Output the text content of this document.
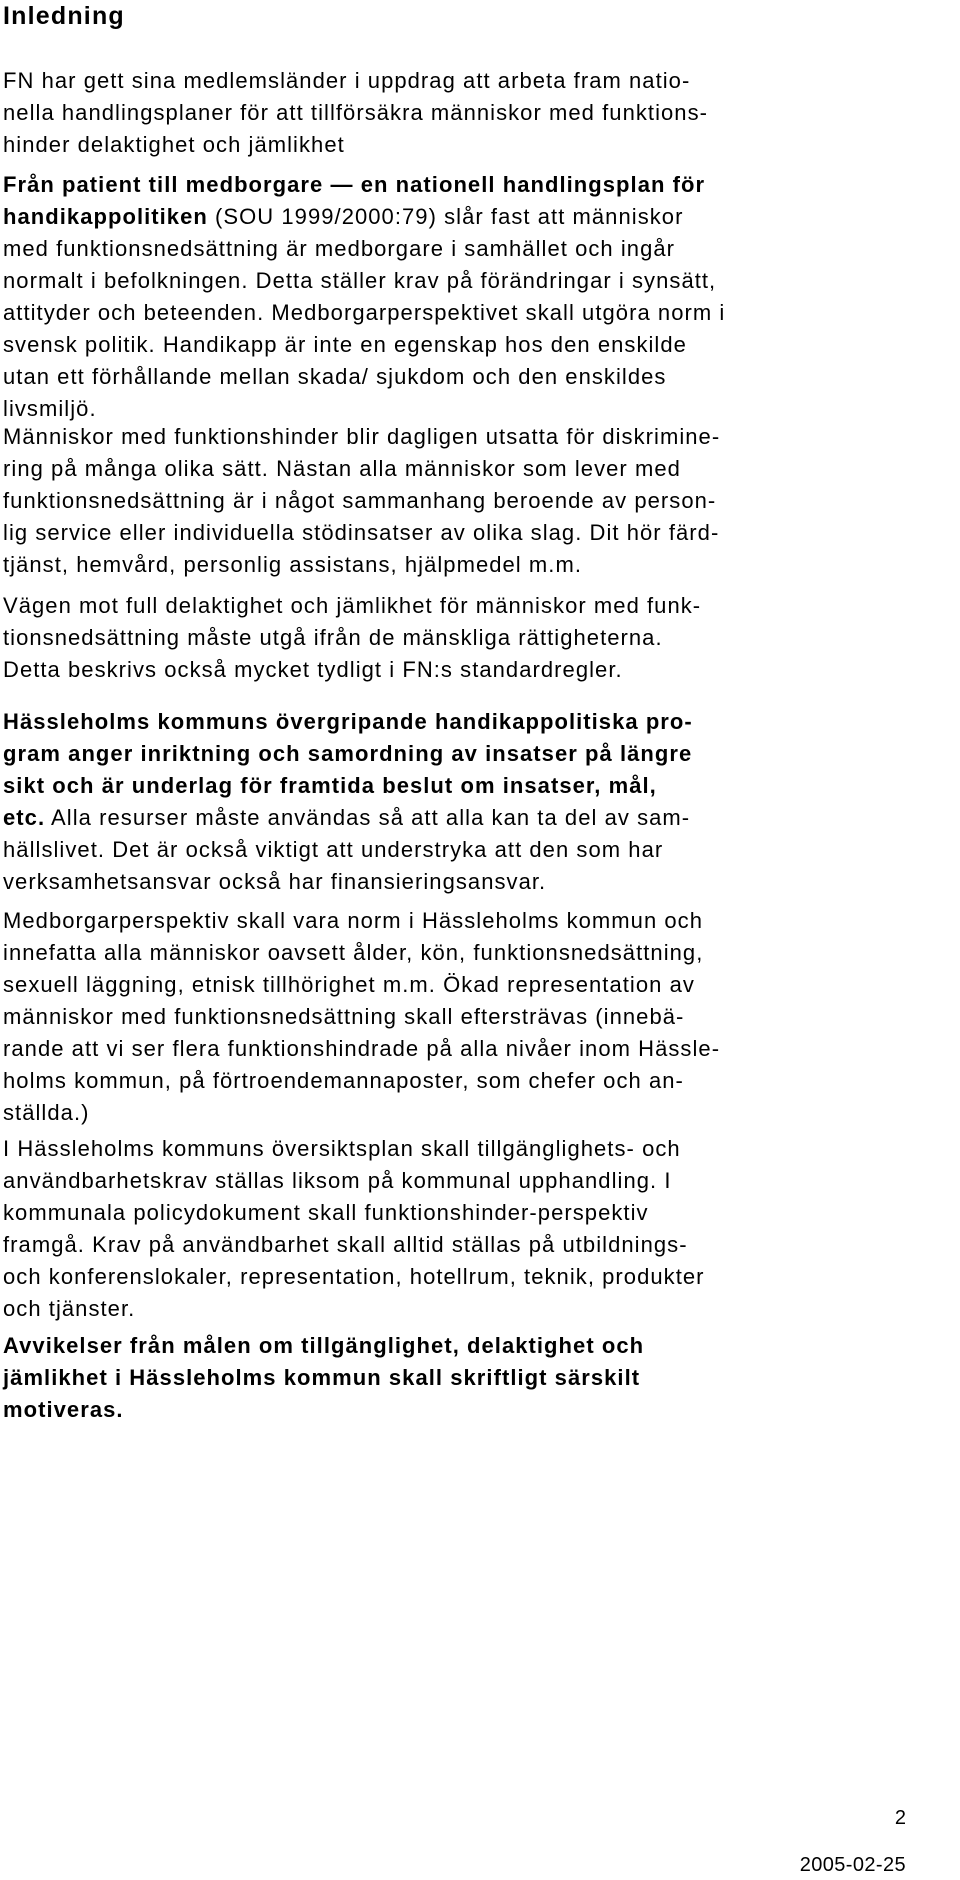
Inledning

FN har gett sina medlemsländer i uppdrag att arbeta fram natio-
nella handlingsplaner för att tillförsäkra människor med funktions-
hinder delaktighet och jämlikhet

Från patient till medborgare — en nationell handlingsplan för
handikappolitiken (SOU 1999/2000:79) slår fast att människor
med funktionsnedsättning är medborgare i samhället och ingår
normalt i befolkningen. Detta ställer krav på förändringar i synsätt,
attityder och beteenden. Medborgarperspektivet skall utgöra norm i
svensk politik. Handikapp är inte en egenskap hos den enskilde
utan ett förhållande mellan skada/ sjukdom och den enskildes
livsmiljö.

Människor med funktionshinder blir dagligen utsatta för diskrimine-
ring på många olika sätt. Nästan alla människor som lever med
funktionsnedsättning är i något sammanhang beroende av person-
lig service eller individuella stödinsatser av olika slag. Dit hör färd-
tjänst, hemvård, personlig assistans, hjälpmedel m.m.

Vägen mot full delaktighet och jämlikhet för människor med funk-
tionsnedsättning måste utgå ifrån de mänskliga rättigheterna.
Detta beskrivs också mycket tydligt i FN:s standardregler.

Hässleholms kommuns övergripande handikappolitiska pro-
gram anger inriktning och samordning av insatser på längre
sikt och är underlag för framtida beslut om insatser, mål,
etc. Alla resurser måste användas så att alla kan ta del av sam-
hällslivet. Det är också viktigt att understryka att den som har
verksamhetsansvar också har finansieringsansvar.

Medborgarperspektiv skall vara norm i Hässleholms kommun och
innefatta alla människor oavsett ålder, kön, funktionsnedsättning,
sexuell läggning, etnisk tillhörighet m.m. Ökad representation av
människor med funktionsnedsättning skall eftersträvas (innebä-
rande att vi ser flera funktionshindrade på alla nivåer inom Hässle-
holms kommun, på förtroendemannaposter, som chefer och an-
ställda.)

I Hässleholms kommuns översiktsplan skall tillgänglighets- och
användbarhetskrav ställas liksom på kommunal upphandling. I
kommunala policydokument skall funktionshinder-perspektiv
framgå. Krav på användbarhet skall alltid ställas på utbildnings-
och konferenslokaler, representation, hotellrum, teknik, produkter
och tjänster.

Avvikelser från målen om tillgänglighet, delaktighet och
jämlikhet i Hässleholms kommun skall skriftligt särskilt
motiveras.

2
2005-02-25
